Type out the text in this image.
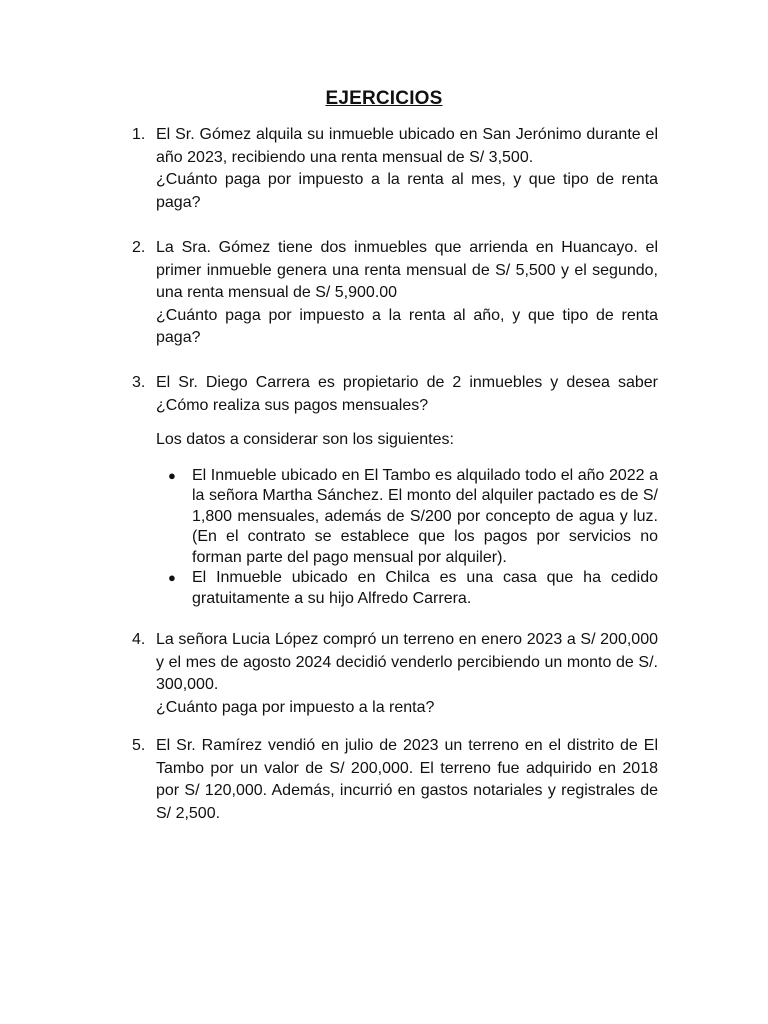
EJERCICIOS
1. El Sr. Gómez alquila su inmueble ubicado en San Jerónimo durante el año 2023, recibiendo una renta mensual de S/ 3,500.

¿Cuánto paga por impuesto a la renta al mes, y que tipo de renta paga?

2. La Sra. Gómez tiene dos inmuebles que arrienda en Huancayo. el primer inmueble genera una renta mensual de S/ 5,500 y el segundo, una renta mensual de S/ 5,900.00

¿Cuánto paga por impuesto a la renta al año, y que tipo de renta paga?

3. El Sr. Diego Carrera es propietario de 2 inmuebles y desea saber ¿Cómo realiza sus pagos mensuales?

Los datos a considerar son los siguientes:

● El Inmueble ubicado en El Tambo es alquilado todo el año 2022 a la señora Martha Sánchez. El monto del alquiler pactado es de S/ 1,800 mensuales, además de S/200 por concepto de agua y luz. (En el contrato se establece que los pagos por servicios no forman parte del pago mensual por alquiler).
● El Inmueble ubicado en Chilca es una casa que ha cedido gratuitamente a su hijo Alfredo Carrera.
4. La señora Lucia López compró un terreno en enero 2023 a S/ 200,000 y el mes de agosto 2024 decidió venderlo percibiendo un monto de S/. 300,000.

¿Cuánto paga por impuesto a la renta?

5. El Sr. Ramírez vendió en julio de 2023 un terreno en el distrito de El Tambo por un valor de S/ 200,000. El terreno fue adquirido en 2018 por S/ 120,000. Además, incurrió en gastos notariales y registrales de S/ 2,500.
